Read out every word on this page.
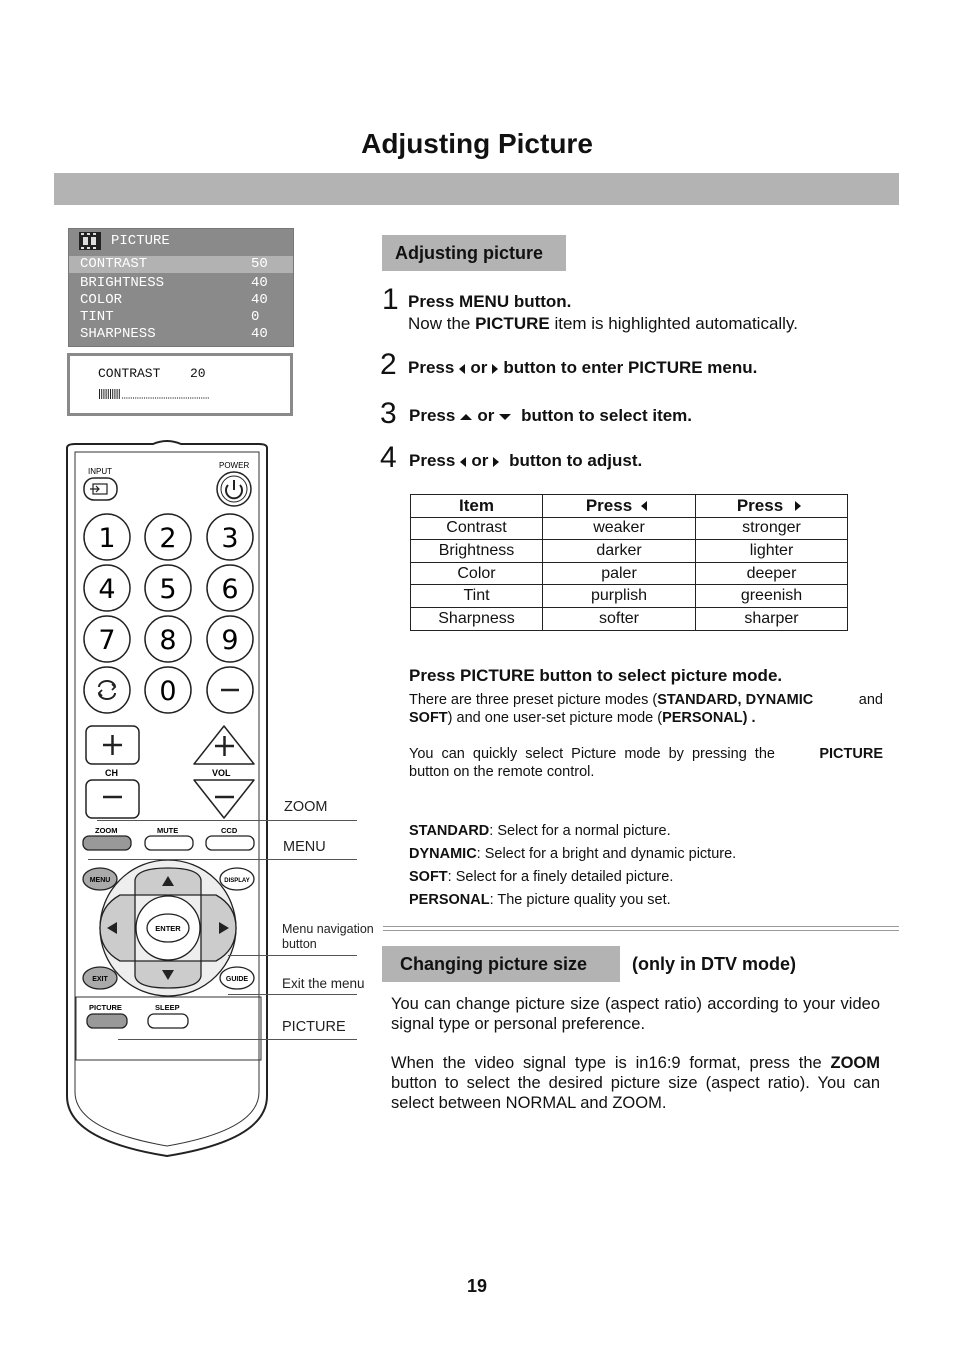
Adjusting Picture
PICTURE
CONTRAST	50
BRIGHTNESS	40
COLOR	40
TINT	0
SHARPNESS	40
CONTRAST 20
INPUT
POWER
1 2 3
4 5 6
7 8 9
0
CH	VOL
ZOOM	MUTE	CCD
MENU	DISPLAY
ENTER
EXIT	GUIDE
PICTURE	SLEEP
ZOOM
MENU
Menu navigation
button
Exit the menu
PICTURE
Adjusting picture
1 Press MENU button.
Now the PICTURE item is highlighted automatically.
2 Press or button to enter PICTURE menu.
3 Press or button to select item.
4 Press or button to adjust.
Item	Press	Press
Contrast	weaker	stronger
Brightness	darker	lighter
Color	paler	deeper
Tint	purplish	greenish
Sharpness	softer	sharper
Press PICTURE button to select picture mode.
There are three preset picture modes (STANDARD, DYNAMIC	and
SOFT) and one user-set picture mode (PERSONAL) .
You can quickly select Picture mode by pressing the	PICTURE
button on the remote control.
STANDARD: Select for a normal picture.
DYNAMIC: Select for a bright and dynamic picture.
SOFT: Select for a finely detailed picture.
PERSONAL: The picture quality you set.
Changing picture size	(only in DTV mode)
You can change picture size (aspect ratio) according to your video signal type or personal preference.
When the video signal type is in16:9 format, press the ZOOM button to select the desired picture size (aspect ratio). You can select between NORMAL and ZOOM.
19
